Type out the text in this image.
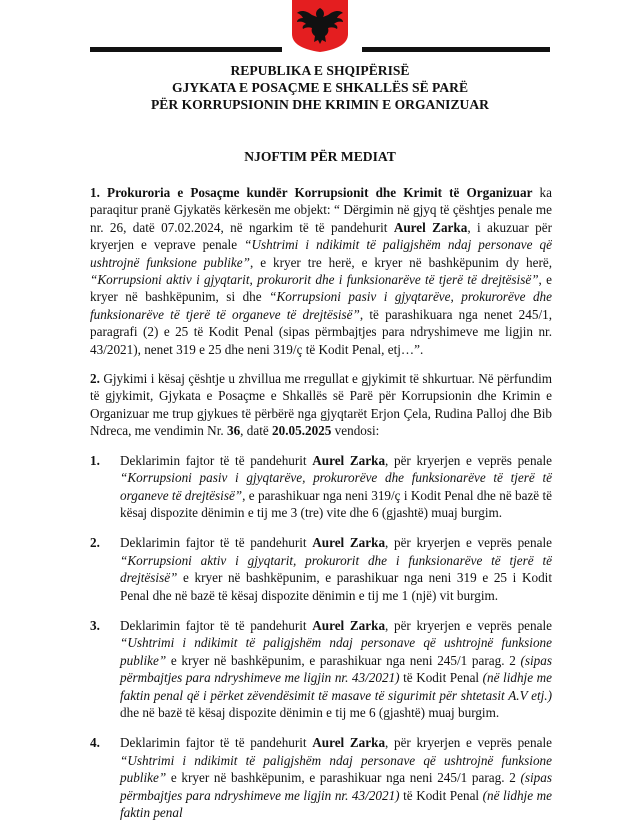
REPUBLIKA E SHQIPËRISË
GJYKATA E POSAÇME E SHKALLËS SË PARË
PËR KORRUPSIONIN DHE KRIMIN E ORGANIZUAR
NJOFTIM PËR MEDIAT

1. Prokuroria e Posaçme kundër Korrupsionit dhe Krimit të Organizuar ka paraqitur pranë Gjykatës kërkesën me objekt: “ Dërgimin në gjyq të çështjes penale me nr. 26, datë 07.02.2024, në ngarkim të të pandehurit Aurel Zarka, i akuzuar për kryerjen e veprave penale “Ushtrimi i ndikimit të paligjshëm ndaj personave që ushtrojnë funksione publike”, e kryer tre herë, e kryer në bashkëpunim dy herë, “Korrupsioni aktiv i gjyqtarit, prokurorit dhe i funksionarëve të tjerë të drejtësisë”, e kryer në bashkëpunim, si dhe “Korrupsioni pasiv i gjyqtarëve, prokurorëve dhe funksionarëve të tjerë të organeve të drejtësisë”, të parashikuara nga nenet 245/1, paragrafi (2) e 25 të Kodit Penal (sipas përmbajtjes para ndryshimeve me ligjin nr. 43/2021), nenet 319 e 25 dhe neni 319/ç të Kodit Penal, etj…”.

2. Gjykimi i kësaj çështje u zhvillua me rregullat e gjykimit të shkurtuar. Në përfundim të gjykimit, Gjykata e Posaçme e Shkallës së Parë për Korrupsionin dhe Krimin e Organizuar me trup gjykues të përbërë nga gjyqtarët Erjon Çela, Rudina Palloj dhe Bib Ndreca, me vendimin Nr. 36, datë 20.05.2025 vendosi:

1. Deklarimin fajtor të të pandehurit Aurel Zarka, për kryerjen e veprës penale “Korrupsioni pasiv i gjyqtarëve, prokurorëve dhe funksionarëve të tjerë të organeve të drejtësisë”, e parashikuar nga neni 319/ç i Kodit Penal dhe në bazë të kësaj dispozite dënimin e tij me 3 (tre) vite dhe 6 (gjashtë) muaj burgim.
2. Deklarimin fajtor të të pandehurit Aurel Zarka, për kryerjen e veprës penale “Korrupsioni aktiv i gjyqtarit, prokurorit dhe i funksionarëve të tjerë të drejtësisë” e kryer në bashkëpunim, e parashikuar nga neni 319 e 25 i Kodit Penal dhe në bazë të kësaj dispozite dënimin e tij me 1 (një) vit burgim.
3. Deklarimin fajtor të të pandehurit Aurel Zarka, për kryerjen e veprës penale “Ushtrimi i ndikimit të paligjshëm ndaj personave që ushtrojnë funksione publike” e kryer në bashkëpunim, e parashikuar nga neni 245/1 parag. 2 (sipas përmbajtjes para ndryshimeve me ligjin nr. 43/2021) të Kodit Penal (në lidhje me faktin penal që i përket zëvendësimit të masave të sigurimit për shtetasit A.V etj.) dhe në bazë të kësaj dispozite dënimin e tij me 6 (gjashtë) muaj burgim.
4. Deklarimin fajtor të të pandehurit Aurel Zarka, për kryerjen e veprës penale “Ushtrimi i ndikimit të paligjshëm ndaj personave që ushtrojnë funksione publike” e kryer në bashkëpunim, e parashikuar nga neni 245/1 parag. 2 (sipas përmbajtjes para ndryshimeve me ligjin nr. 43/2021) të Kodit Penal (në lidhje me faktin penal
